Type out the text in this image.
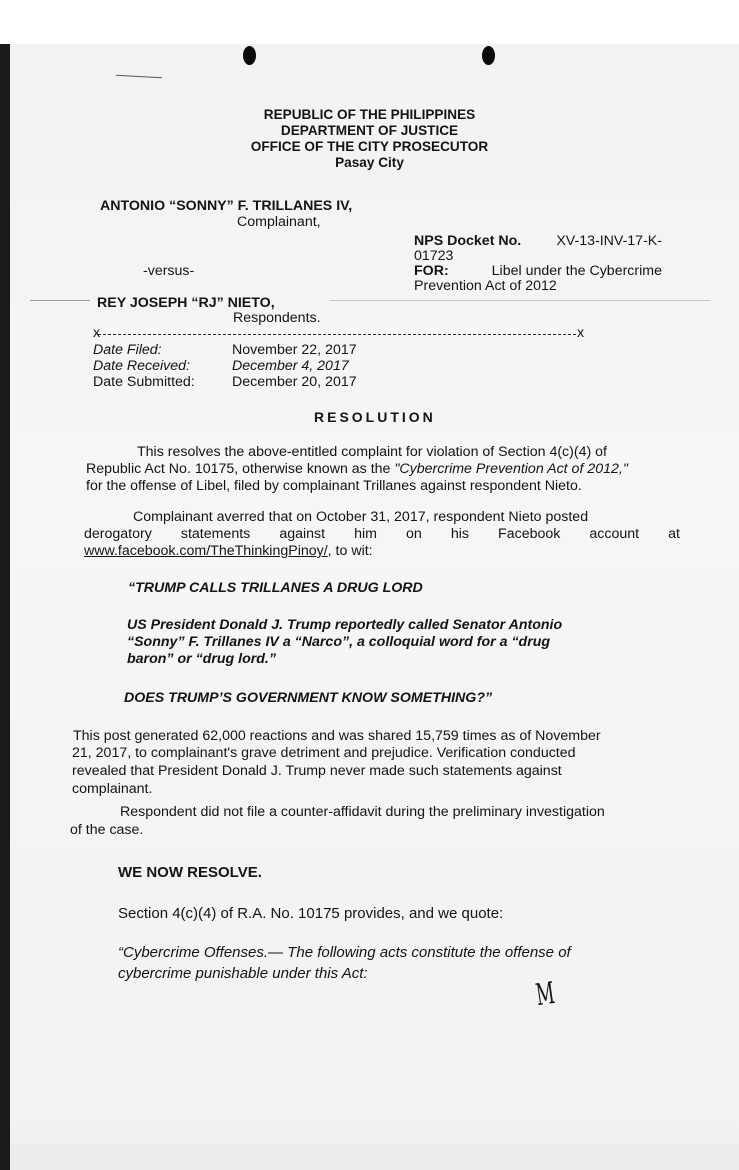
REPUBLIC OF THE PHILIPPINES
DEPARTMENT OF JUSTICE
OFFICE OF THE CITY PROSECUTOR
Pasay City
ANTONIO “SONNY” F. TRILLANES IV,
Complainant,
NPS Docket No. XV-13-INV-17-K-
01723
-versus-	FOR:	Libel under the Cybercrime
Prevention Act of 2012
REY JOSEPH “RJ” NIETO,
Respondents.
x	x
Date Filed:	November 22, 2017
Date Received:	December 4, 2017
Date Submitted:	December 20, 2017
RESOLUTION
This resolves the above-entitled complaint for violation of Section 4(c)(4) of
Republic Act No. 10175, otherwise known as the "Cybercrime Prevention Act of 2012,"
for the offense of Libel, filed by complainant Trillanes against respondent Nieto.
Complainant averred that on October 31, 2017, respondent Nieto posted
derogatory statements against him on his Facebook account at
www.facebook.com/TheThinkingPinoy/, to wit:
“TRUMP CALLS TRILLANES A DRUG LORD
US President Donald J. Trump reportedly called Senator Antonio
“Sonny” F. Trillanes IV a “Narco”, a colloquial word for a “drug
baron” or “drug lord.”
DOES TRUMP’S GOVERNMENT KNOW SOMETHING?”
This post generated 62,000 reactions and was shared 15,759 times as of November
21, 2017, to complainant's grave detriment and prejudice. Verification conducted
revealed that President Donald J. Trump never made such statements against
complainant.
Respondent did not file a counter-affidavit during the preliminary investigation
of the case.
WE NOW RESOLVE.
Section 4(c)(4) of R.A. No. 10175 provides, and we quote:
“Cybercrime Offenses.— The following acts constitute the offense of
cybercrime punishable under this Act:
M
